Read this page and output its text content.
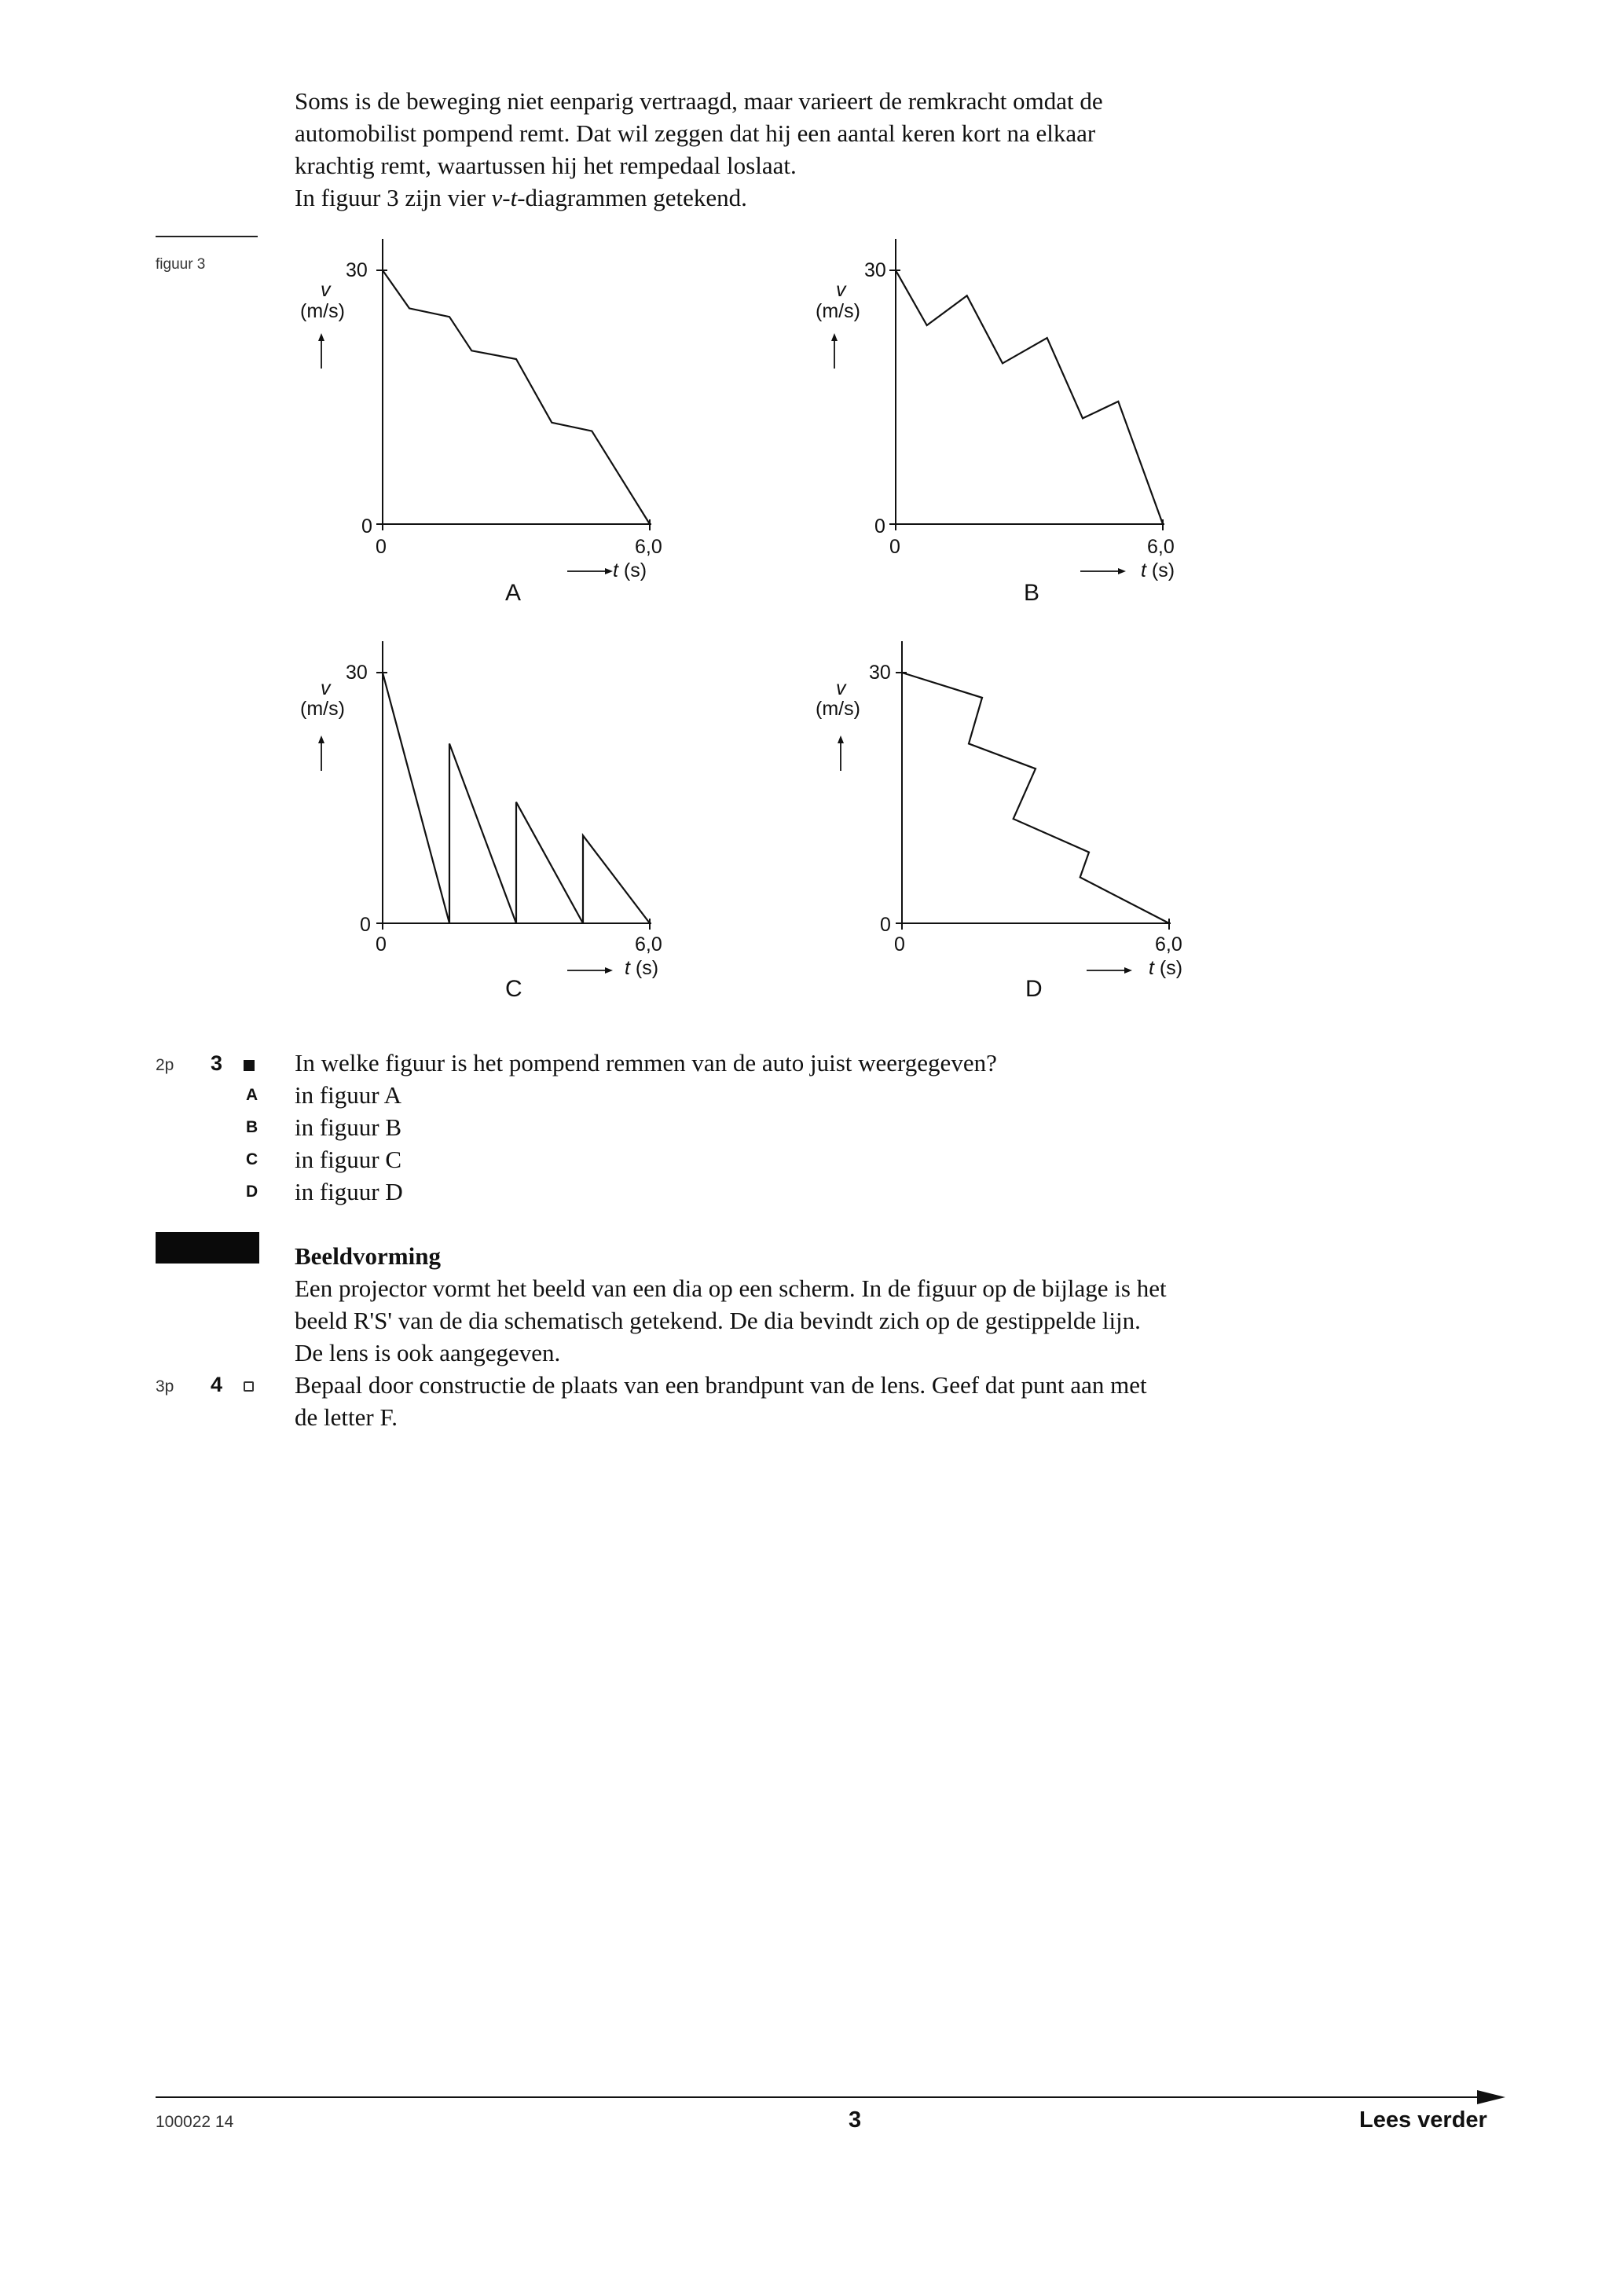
Soms is de beweging niet eenparig vertraagd, maar varieert de remkracht omdat de

automobilist pompend remt. Dat wil zeggen dat hij een aantal keren kort na elkaar

krachtig remt, waartussen hij het rempedaal loslaat.

In figuur 3 zijn vier v-t-diagrammen getekend.

figuur 3	30
v
(m/s)
0
0	6,0
t (s)
A
30
v
(m/s)
0
0	6,0
t (s)
B
30
v
(m/s)
0
0	6,0
t (s)
C
30
v
(m/s)
0
0	6,0
t (s)
D
2p 3	In welke figuur is het pompend remmen van de auto juist weergegeven?
A in figuur A
B in figuur B
C in figuur C
D in figuur D
Beeldvorming
Een projector vormt het beeld van een dia op een scherm. In de figuur op de bijlage is het
beeld R'S' van de dia schematisch getekend. De dia bevindt zich op de gestippelde lijn.
De lens is ook aangegeven.
3p 4	Bepaal door constructie de plaats van een brandpunt van de lens. Geef dat punt aan met
de letter F.
100022 14	3	Lees verder
